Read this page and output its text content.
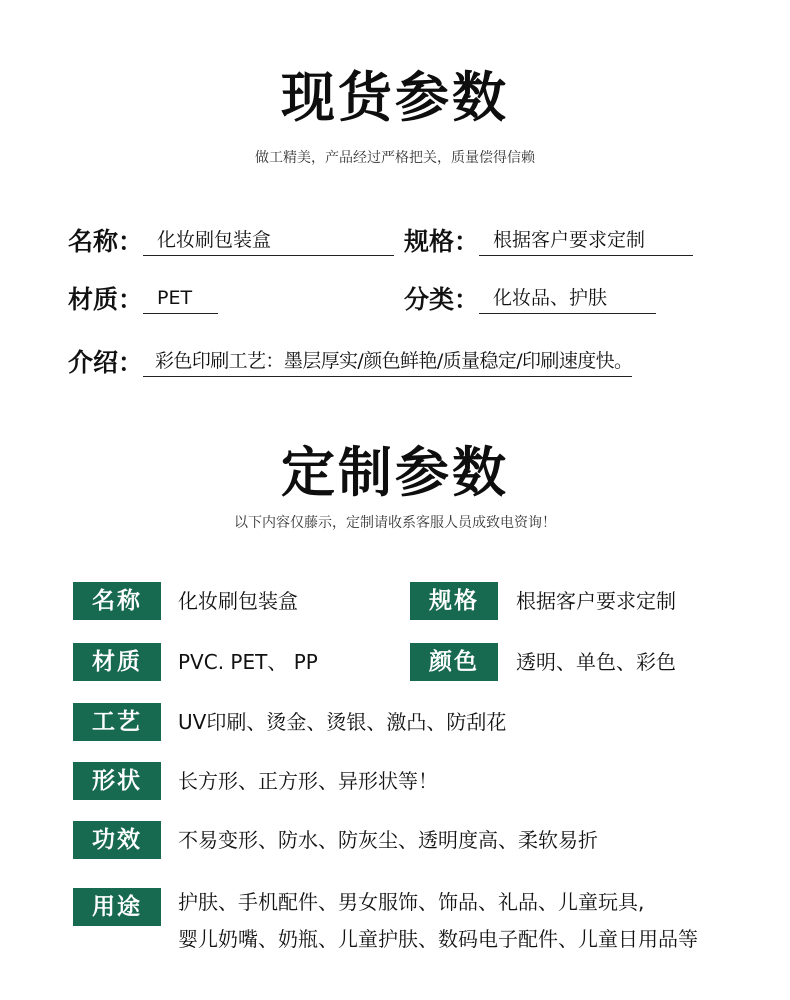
现货参数

做工精美，产品经过严格把关，质量偿得信赖

名称： 化妆刷包装盒	规格： 根据客户要求定制
材质： PET	分类： 化妆品、护肤
介绍： 彩色印刷工艺：墨层厚实/颜色鲜艳/质量稳定/印刷速度快。
定制参数

以下内容仅藤示，定制请收系客服人员成致电资询！

名称	化妆刷包装盒	规格	根据客户要求定制
材质	PVC. PET、 PP	颜色	透明、单色、彩色
工艺	UV印刷、烫金、烫银、激凸、防刮花
形状	长方形、正方形、异形状等！
功效	不易变形、防水、防灰尘、透明度高、柔软易折
用途	护肤、手机配件、男女服饰、饰品、礼品、儿童玩具,
婴儿奶嘴、奶瓶、儿童护肤、数码电子配件、儿童日用品等
